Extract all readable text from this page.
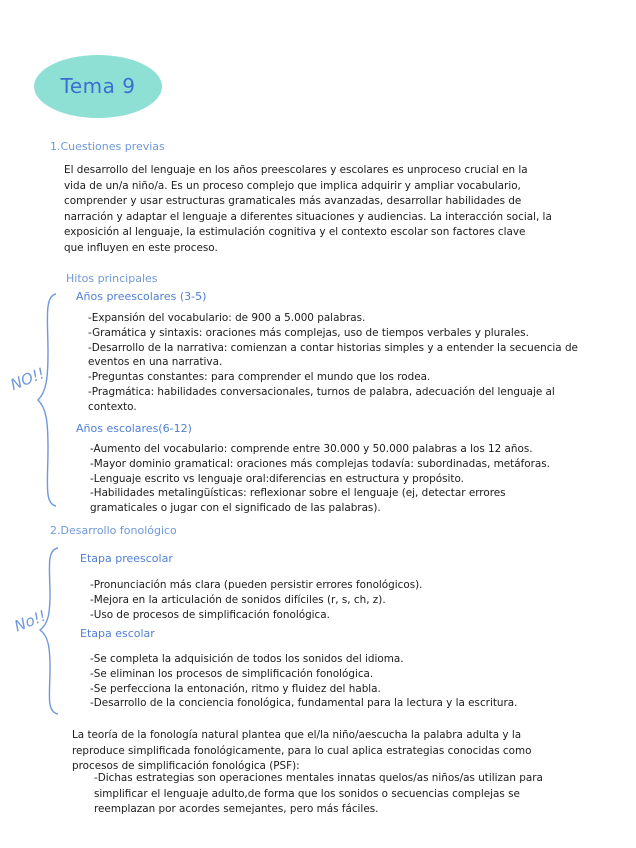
Tema 9
1.Cuestiones previas
El desarrollo del lenguaje en los años preescolares y escolares es unproceso crucial en la
vida de un/a niño/a. Es un proceso complejo que implica adquirir y ampliar vocabulario,
comprender y usar estructuras gramaticales más avanzadas, desarrollar habilidades de
narración y adaptar el lenguaje a diferentes situaciones y audiencias. La interacción social, la
exposición al lenguaje, la estimulación cognitiva y el contexto escolar son factores clave
que influyen en este proceso.
Hitos principales
NO!!
Años preescolares (3-5)
-Expansión del vocabulario: de 900 a 5.000 palabras.
-Gramática y sintaxis: oraciones más complejas, uso de tiempos verbales y plurales.
-Desarrollo de la narrativa: comienzan a contar historias simples y a entender la secuencia de
eventos en una narrativa.
-Preguntas constantes: para comprender el mundo que los rodea.
-Pragmática: habilidades conversacionales, turnos de palabra, adecuación del lenguaje al
contexto.
Años escolares(6-12)
-Aumento del vocabulario: comprende entre 30.000 y 50.000 palabras a los 12 años.
-Mayor dominio gramatical: oraciones más complejas todavía: subordinadas, metáforas.
-Lenguaje escrito vs lenguaje oral:diferencias en estructura y propósito.
-Habilidades metalingüísticas: reflexionar sobre el lenguaje (ej, detectar errores
gramaticales o jugar con el significado de las palabras).
2.Desarrollo fonológico
No!!
Etapa preescolar
-Pronunciación más clara (pueden persistir errores fonológicos).
-Mejora en la articulación de sonidos difíciles (r, s, ch, z).
-Uso de procesos de simplificación fonológica.
Etapa escolar
-Se completa la adquisición de todos los sonidos del idioma.
-Se eliminan los procesos de simplificación fonológica.
-Se perfecciona la entonación, ritmo y fluidez del habla.
-Desarrollo de la conciencia fonológica, fundamental para la lectura y la escritura.
La teoría de la fonología natural plantea que el/la niño/aescucha la palabra adulta y la
reproduce simplificada fonológicamente, para lo cual aplica estrategias conocidas como
procesos de simplificación fonológica (PSF):
-Dichas estrategias son operaciones mentales innatas quelos/as niños/as utilizan para
simplificar el lenguaje adulto,de forma que los sonidos o secuencias complejas se
reemplazan por acordes semejantes, pero más fáciles.
